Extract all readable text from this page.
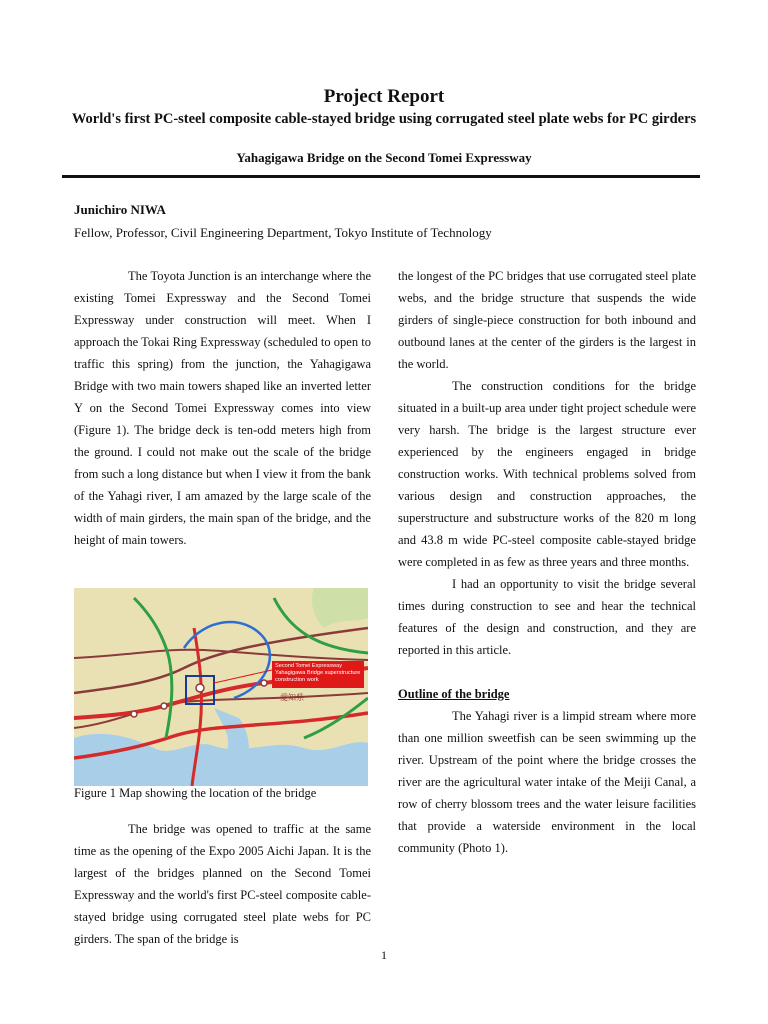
Project Report
World's first PC-steel composite cable-stayed bridge using corrugated steel plate webs for PC girders
Yahagigawa Bridge on the Second Tomei Expressway
Junichiro NIWA
Fellow, Professor, Civil Engineering Department, Tokyo Institute of Technology

The Toyota Junction is an interchange where the existing Tomei Expressway and the Second Tomei Expressway under construction will meet. When I approach the Tokai Ring Expressway (scheduled to open to traffic this spring) from the junction, the Yahagigawa Bridge with two main towers shaped like an inverted letter Y on the Second Tomei Expressway comes into view (Figure 1). The bridge deck is ten-odd meters high from the ground. I could not make out the scale of the bridge from such a long distance but when I view it from the bank of the Yahagi river, I am amazed by the large scale of the width of main girders, the main span of the bridge, and the height of main towers.

愛知県
Second Tomei Expressway Yahagigawa Bridge superstructure construction work
Figure 1 Map showing the location of the bridge

The bridge was opened to traffic at the same time as the opening of the Expo 2005 Aichi Japan. It is the largest of the bridges planned on the Second Tomei Expressway and the world's first PC-steel composite cable-stayed bridge using corrugated steel plate webs for PC girders. The span of the bridge is

the longest of the PC bridges that use corrugated steel plate webs, and the bridge structure that suspends the wide girders of single-piece construction for both inbound and outbound lanes at the center of the girders is the largest in the world.

The construction conditions for the bridge situated in a built-up area under tight project schedule were very harsh. The bridge is the largest structure ever experienced by the engineers engaged in bridge construction works. With technical problems solved from various design and construction approaches, the superstructure and substructure works of the 820 m long and 43.8 m wide PC-steel composite cable-stayed bridge were completed in as few as three years and three months.

I had an opportunity to visit the bridge several times during construction to see and hear the technical features of the design and construction, and they are reported in this article.

Outline of the bridge

The Yahagi river is a limpid stream where more than one million sweetfish can be seen swimming up the river. Upstream of the point where the bridge crosses the river are the agricultural water intake of the Meiji Canal, a row of cherry blossom trees and the water leisure facilities that provide a waterside environment in the local community (Photo 1).

1
